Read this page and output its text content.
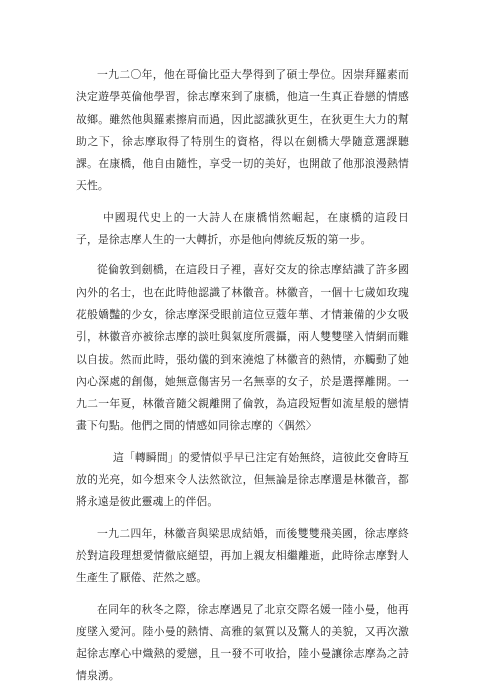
一九二〇年，他在哥倫比亞大學得到了碩士學位。因崇拜羅素而決定遊學英倫他學習，徐志摩來到了康橋，他這一生真正眷戀的情感故鄉。雖然他與羅素擦肩而過，因此認識狄更生，在狄更生大力的幫助之下，徐志摩取得了特別生的資格，得以在劍橋大學隨意選課聽課。在康橋，他自由隨性，享受一切的美好，也開啟了他那浪漫熱情天性。

中國現代史上的一大詩人在康橋悄然崛起，在康橋的這段日子，是徐志摩人生的一大轉折，亦是他向傳統反叛的第一步。

從倫敦到劍橋，在這段日子裡，喜好交友的徐志摩結識了許多國內外的名士，也在此時他認識了林徽音。林徽音，一個十七歲如玫瑰花般嬌豔的少女，徐志摩深受眼前這位豆蔻年華、才情兼備的少女吸引，林徽音亦被徐志摩的談吐與氣度所震攝，兩人雙雙墜入情網而難以自拔。然而此時，張幼儀的到來澆熄了林徽音的熱情，亦觸動了她內心深處的創傷，她無意傷害另一名無辜的女子，於是選擇離開。一九二一年夏，林徽音隨父親離開了倫敦，為這段短暫如流星般的戀情畫下句點。他們之間的情感如同徐志摩的〈偶然〉

這「轉瞬間」的愛情似乎早已注定有始無終，這彼此交會時互放的光亮，如今想來令人法然欲泣，但無論是徐志摩還是林徽音，都將永遠是彼此靈魂上的伴侶。

一九二四年，林徽音與梁思成結婚，而後雙雙飛美國，徐志摩終於對這段理想愛情徹底絕望，再加上親友相繼離逝，此時徐志摩對人生產生了厭倦、茫然之感。

在同年的秋冬之際，徐志摩遇見了北京交際名媛一陸小曼，他再度墜入愛河。陸小曼的熱情、高雅的氣質以及驚人的美貌，又再次激起徐志摩心中熾熱的愛戀，且一發不可收拾，陸小曼讓徐志摩為之詩情泉湧。
